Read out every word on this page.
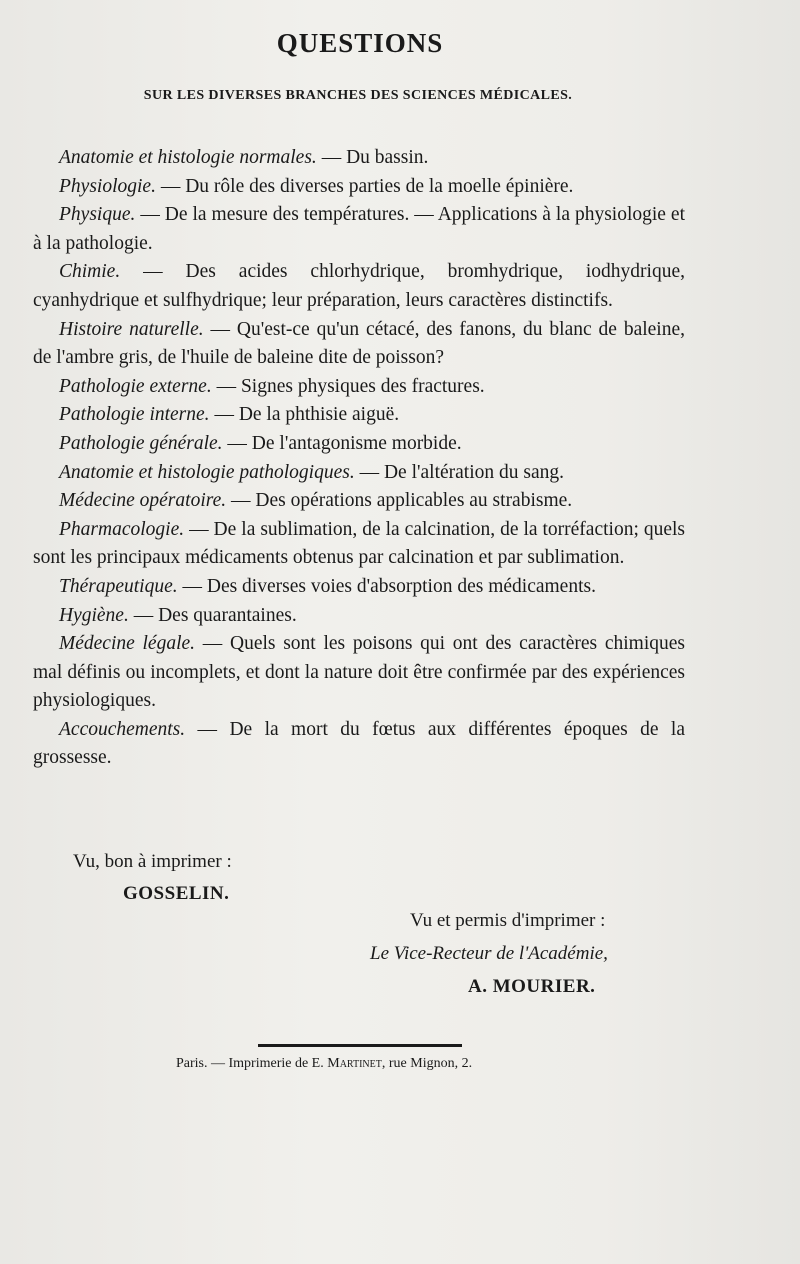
QUESTIONS
SUR LES DIVERSES BRANCHES DES SCIENCES MÉDICALES.

Anatomie et histologie normales. — Du bassin.

Physiologie. — Du rôle des diverses parties de la moelle épinière.

Physique. — De la mesure des températures. — Applications à la physiologie et à la pathologie.

Chimie. — Des acides chlorhydrique, bromhydrique, iodhydrique, cyanhydrique et sulfhydrique; leur préparation, leurs caractères distinctifs.

Histoire naturelle. — Qu'est-ce qu'un cétacé, des fanons, du blanc de baleine, de l'ambre gris, de l'huile de baleine dite de poisson?

Pathologie externe. — Signes physiques des fractures.

Pathologie interne. — De la phthisie aiguë.

Pathologie générale. — De l'antagonisme morbide.

Anatomie et histologie pathologiques. — De l'altération du sang.

Médecine opératoire. — Des opérations applicables au strabisme.

Pharmacologie. — De la sublimation, de la calcination, de la torréfaction; quels sont les principaux médicaments obtenus par calcination et par sublimation.

Thérapeutique. — Des diverses voies d'absorption des médicaments.

Hygiène. — Des quarantaines.

Médecine légale. — Quels sont les poisons qui ont des caractères chimiques mal définis ou incomplets, et dont la nature doit être confirmée par des expériences physiologiques.

Accouchements. — De la mort du fœtus aux différentes époques de la grossesse.

Vu, bon à imprimer :
GOSSELIN.
Vu et permis d'imprimer :
Le Vice-Recteur de l'Académie,
A. MOURIER.
Paris. — Imprimerie de E. Martinet, rue Mignon, 2.
